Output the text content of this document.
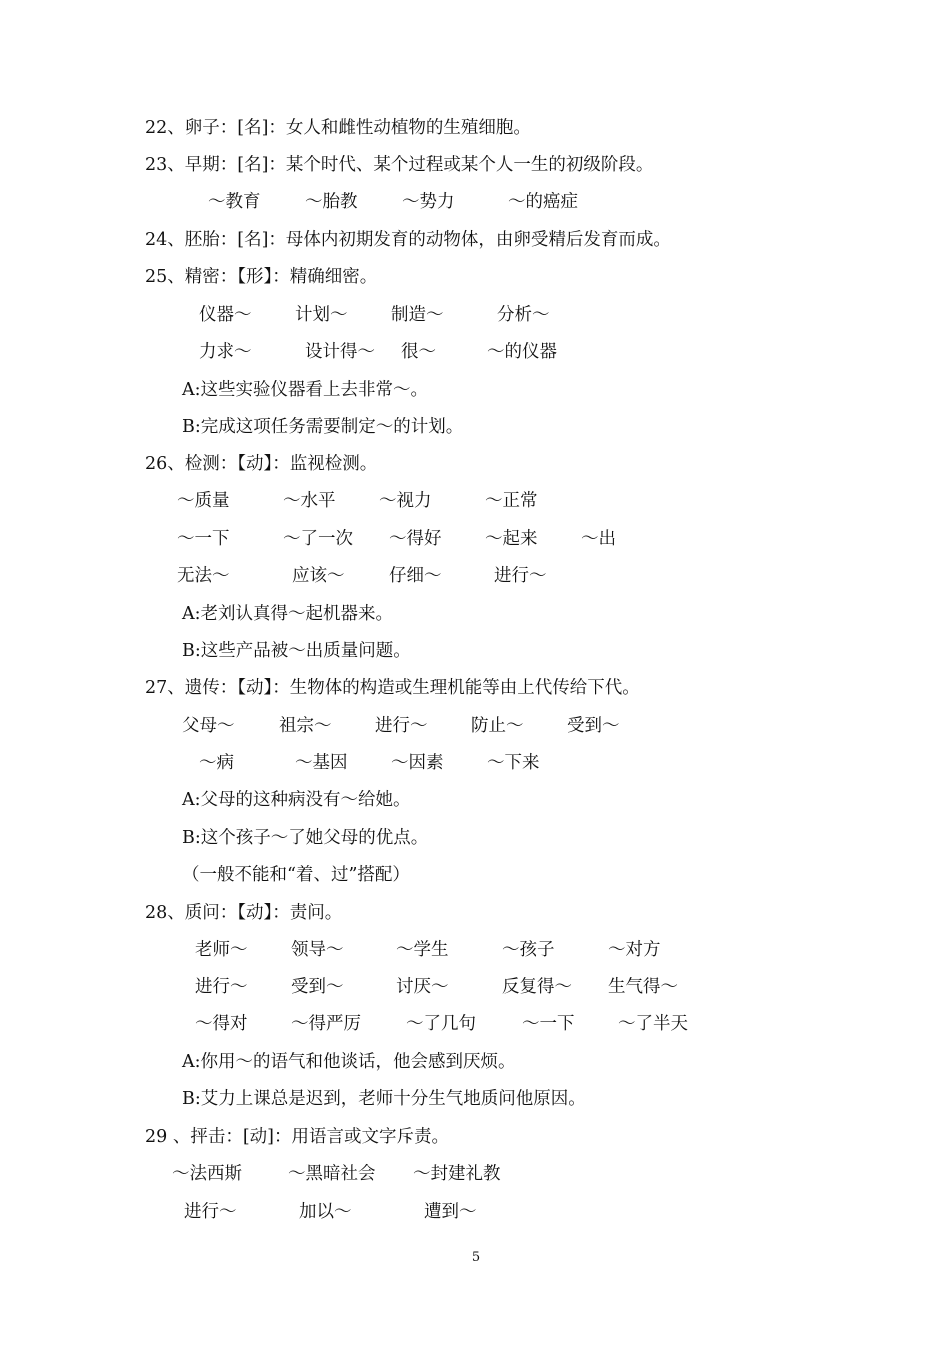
22、卵子：[名]：女人和雌性动植物的生殖细胞。
23、早期：[名]：某个时代、某个过程或某个人一生的初级阶段。
～教育	～胎教	～势力	～的癌症
24、胚胎：[名]：母体内初期发育的动物体，由卵受精后发育而成。
25、精密：【形】：精确细密。
仪器～ 计划～ 制造～	分析～
力求～	设计得～ 很～	～的仪器
A:这些实验仪器看上去非常～。
B:完成这项任务需要制定～的计划。
26、检测：【动】：监视检测。
～质量	～水平 ～视力	～正常
～一下	～了一次 ～得好 ～起来 ～出
无法～	应该～	仔细～	进行～
A:老刘认真得～起机器来。
B:这些产品被～出质量问题。
27、遗传：【动】：生物体的构造或生理机能等由上代传给下代。
父母～	祖宗～ 进行～ 防止～ 受到～
～病	～基因 ～因素 ～下来
A:父母的这种病没有～给她。
B:这个孩子～了她父母的优点。
（一般不能和“着、过”搭配）
28、质问：【动】：责问。
老师～ 领导～	～学生	～孩子	～对方
进行～ 受到～	讨厌～	反复得～ 生气得～
～得对 ～得严厉	～了几句	～一下 ～了半天
A:你用～的语气和他谈话，他会感到厌烦。
B:艾力上课总是迟到，老师十分生气地质问他原因。
29 、抨击：[动]：用语言或文字斥责。
～法西斯	～黑暗社会 ～封建礼教
进行～	加以～	遭到～
5
